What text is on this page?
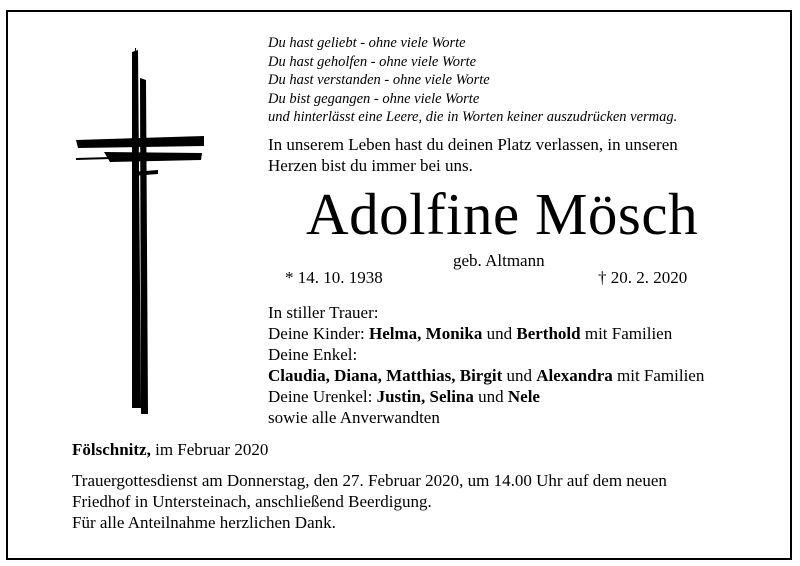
Du hast geliebt - ohne viele Worte
Du hast geholfen - ohne viele Worte
Du hast verstanden - ohne viele Worte
Du bist gegangen - ohne viele Worte
und hinterlässt eine Leere, die in Worten keiner auszudrücken vermag.
In unserem Leben hast du deinen Platz verlassen, in unseren
Herzen bist du immer bei uns.
Adolfine Mösch
geb. Altmann
* 14. 10. 1938	† 20. 2. 2020
In stiller Trauer:
Deine Kinder: Helma, Monika und Berthold mit Familien
Deine Enkel:
Claudia, Diana, Matthias, Birgit und Alexandra mit Familien
Deine Urenkel: Justin, Selina und Nele
sowie alle Anverwandten
Fölschnitz, im Februar 2020
Trauergottesdienst am Donnerstag, den 27. Februar 2020, um 14.00 Uhr auf dem neuen
Friedhof in Untersteinach, anschließend Beerdigung.
Für alle Anteilnahme herzlichen Dank.
